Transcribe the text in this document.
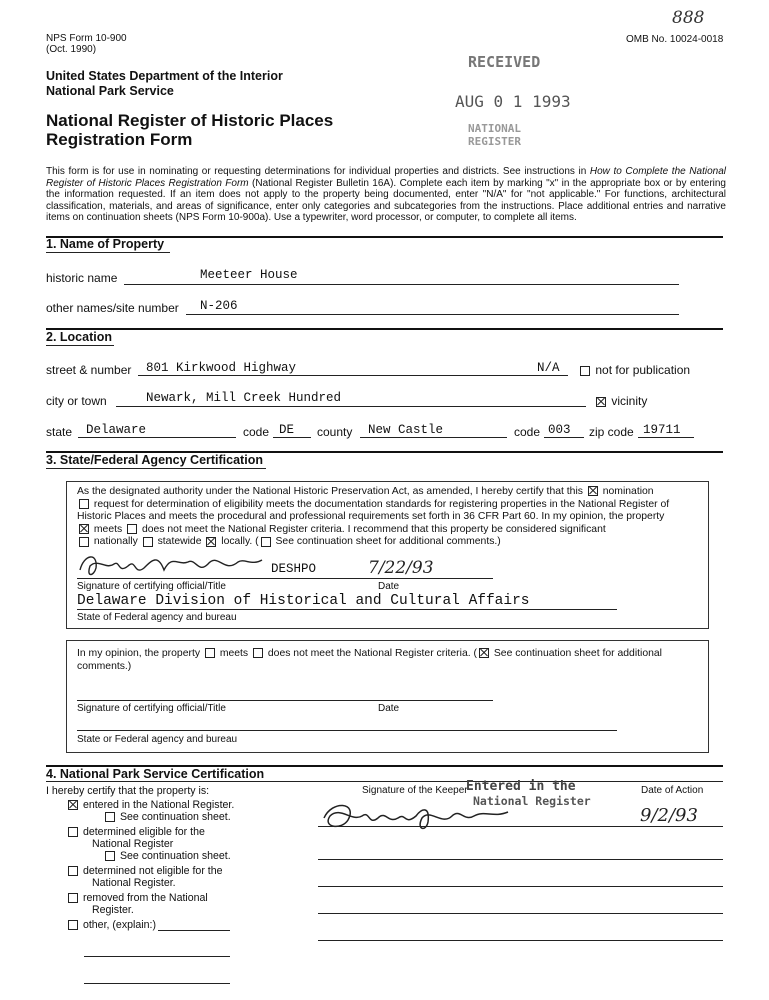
NPS Form 10-900
(Oct. 1990)
OMB No. 10024-0018
888
United States Department of the Interior
National Park Service
National Register of Historic Places
Registration Form
RECEIVED
AUG 0 1 1993
NATIONAL
REGISTER
This form is for use in nominating or requesting determinations for individual properties and districts. See instructions in How to Complete the National Register of Historic Places Registration Form (National Register Bulletin 16A). Complete each item by marking "x" in the appropriate box or by entering the information requested. If an item does not apply to the property being documented, enter "N/A" for "not applicable." For functions, architectural classification, materials, and areas of significance, enter only categories and subcategories from the instructions. Place additional entries and narrative items on continuation sheets (NPS Form 10-900a). Use a typewriter, word processor, or computer, to complete all items.
1. Name of Property
historic name	Meeteer House
other names/site number N-206
2. Location
street & number 801 Kirkwood Highway	N/A	not for publication
city or town	Newark, Mill Creek Hundred	vicinity
state Delaware	code DE county New Castle	code 003 zip code 19711
3. State/Federal Agency Certification
As the designated authority under the National Historic Preservation Act, as amended, I hereby certify that this nomination
request for determination of eligibility meets the documentation standards for registering properties in the National Register of
Historic Places and meets the procedural and professional requirements set forth in 36 CFR Part 60. In my opinion, the property
meets does not meet the National Register criteria. I recommend that this property be considered significant
nationally statewide locally. ( See continuation sheet for additional comments.)
DESHPO	7/22/93
Signature of certifying official/Title	Date
Delaware Division of Historical and Cultural Affairs
State of Federal agency and bureau
In my opinion, the property meets does not meet the National Register criteria. ( See continuation sheet for additional comments.)
Signature of certifying official/Title	Date
State or Federal agency and bureau
4. National Park Service Certification
I hereby certify that the property is:	Signature of the Keeper
Entered in the
National Register
Date of Action
9/2/93
entered in the National Register.
See continuation sheet.
determined eligible for the
National Register
See continuation sheet.
determined not eligible for the
National Register.
removed from the National
Register.
other, (explain:)
